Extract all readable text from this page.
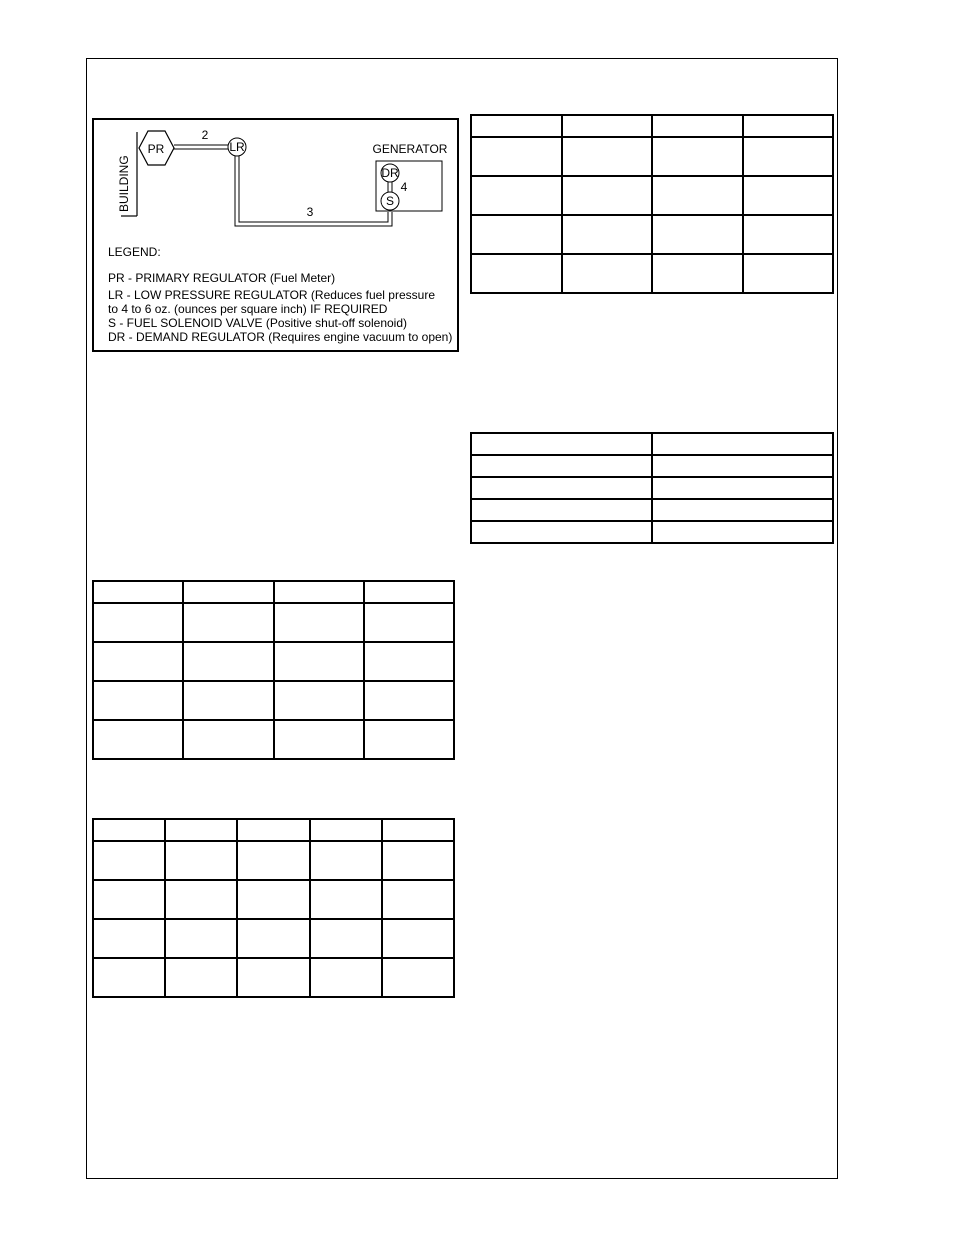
BUILDING
PR
2
LR
3
GENERATOR
DR
4
S
LEGEND:
PR - PRIMARY REGULATOR (Fuel Meter)
LR - LOW PRESSURE REGULATOR (Reduces fuel pressure
to 4 to 6 oz. (ounces per square inch) IF REQUIRED
S - FUEL SOLENOID VALVE (Positive shut-off solenoid)
DR - DEMAND REGULATOR (Requires engine vacuum to open)
